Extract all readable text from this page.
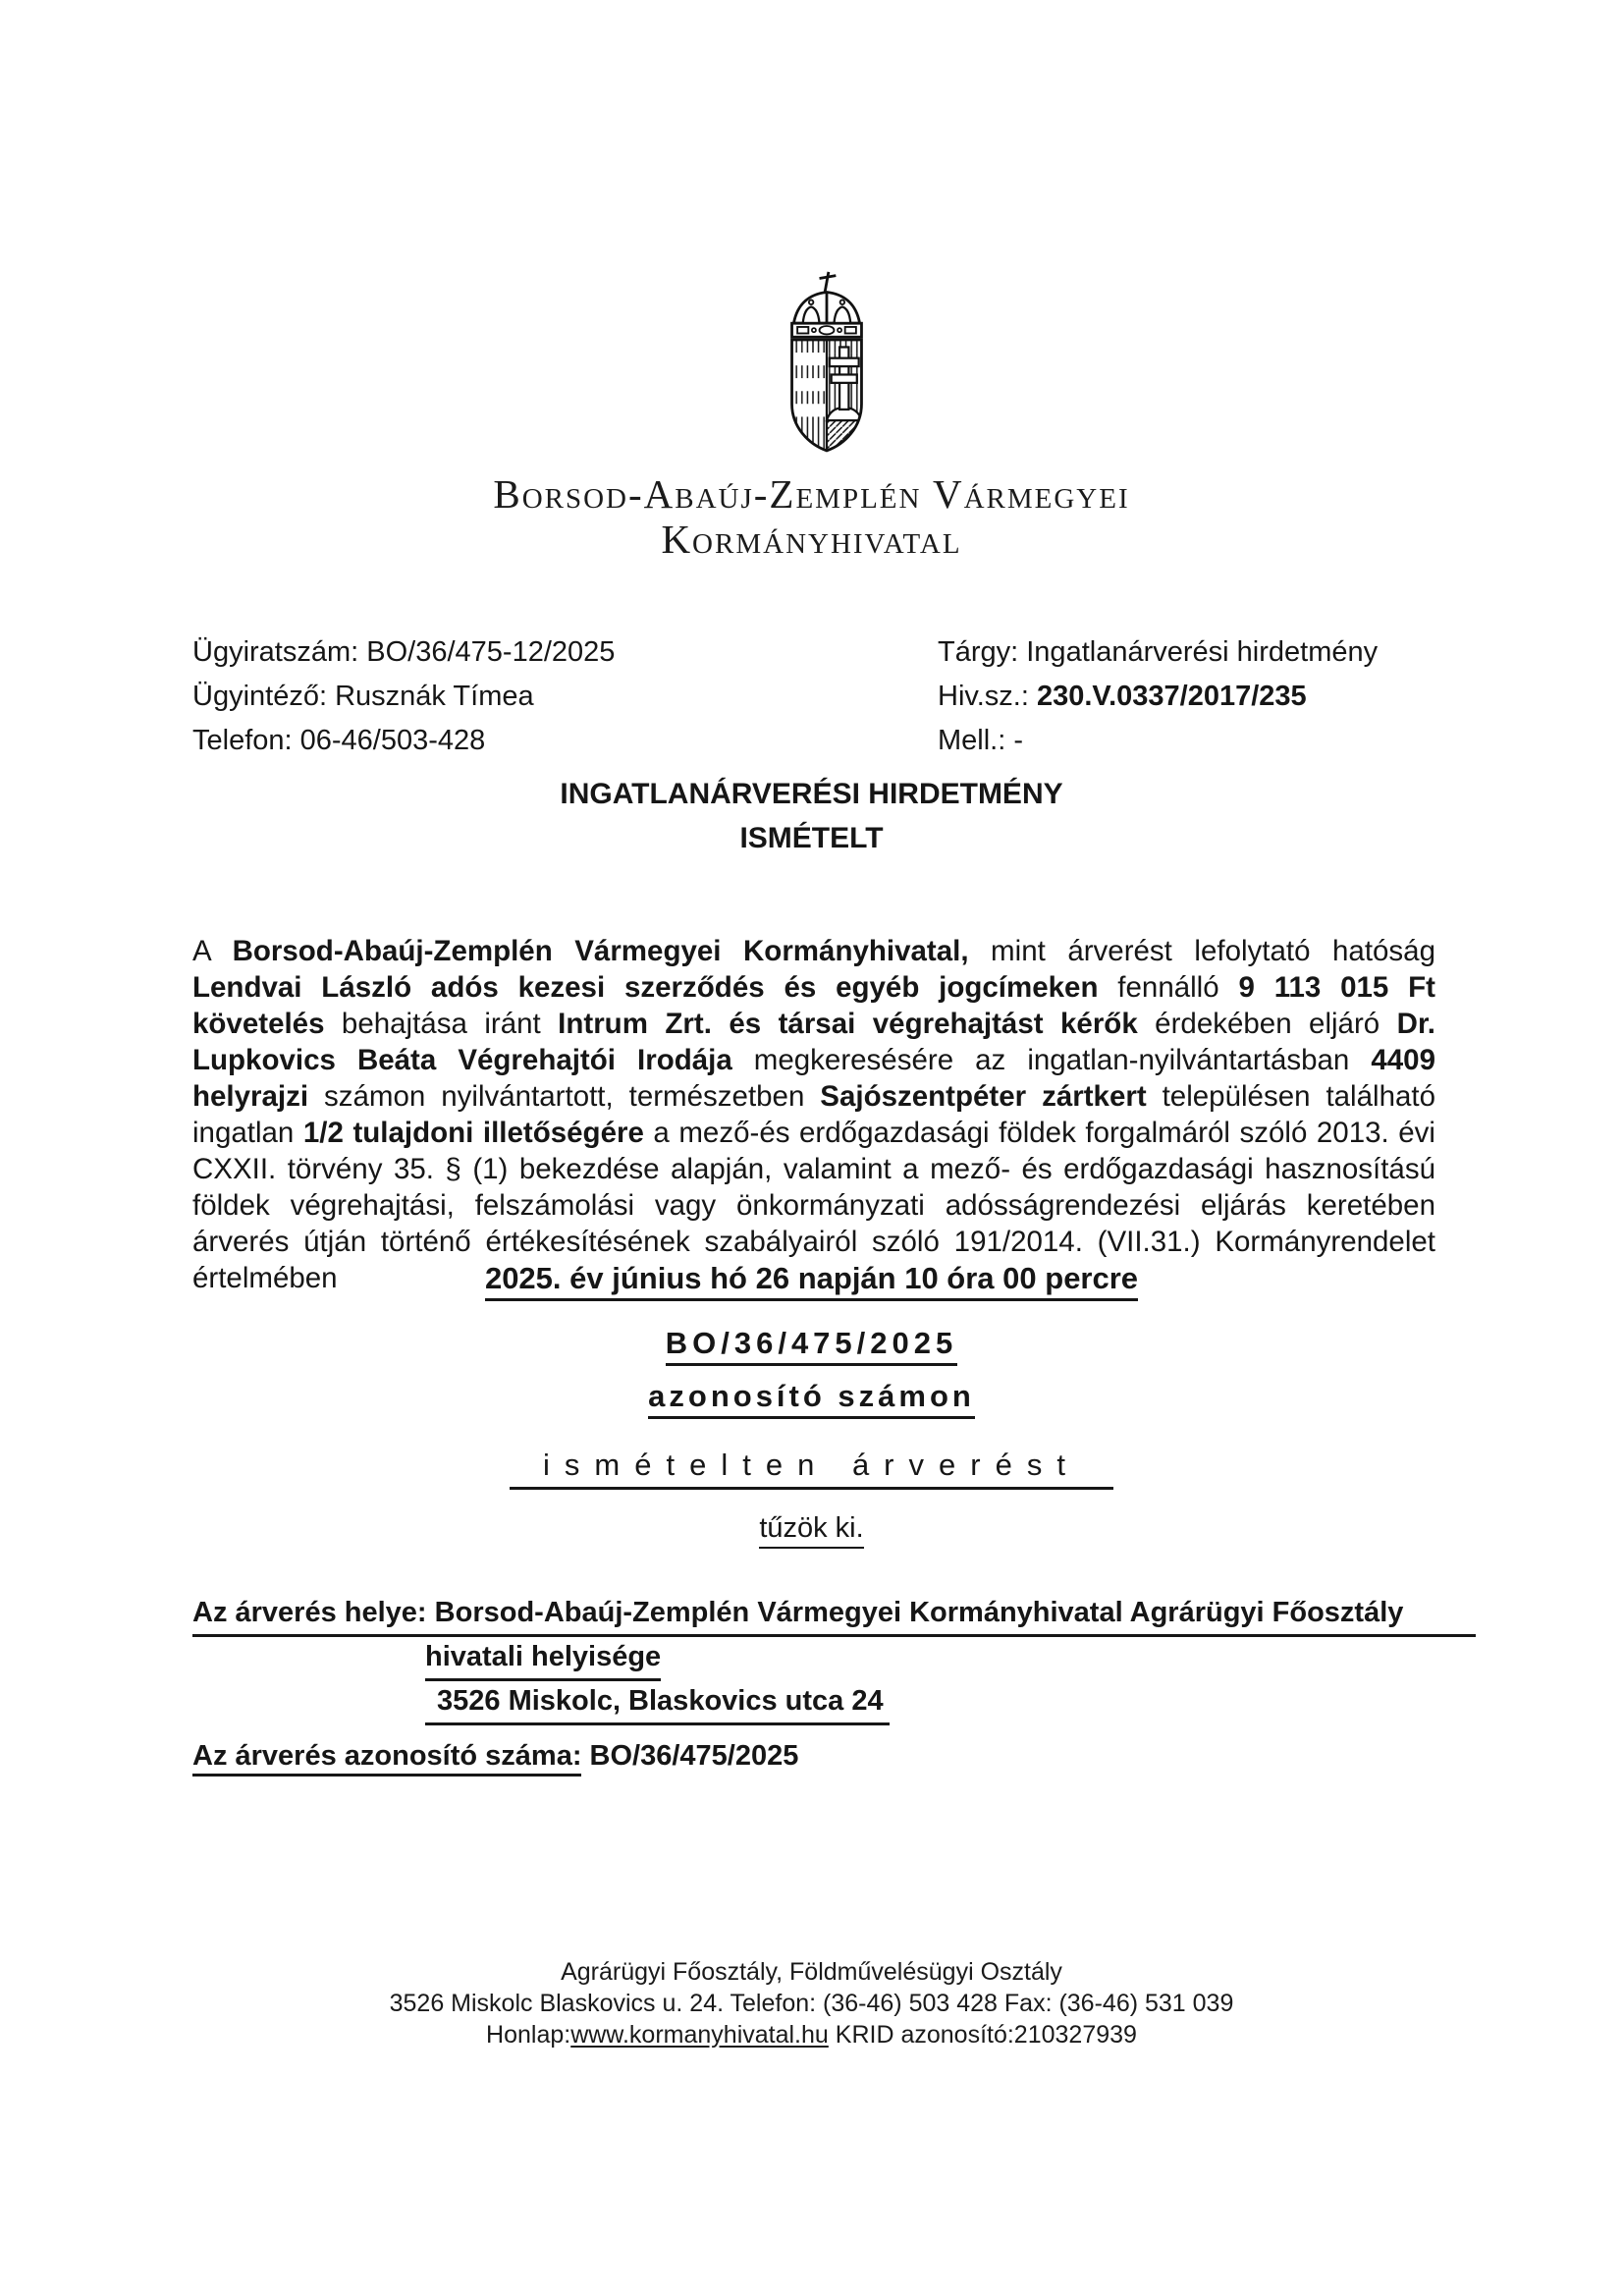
Borsod-Abaúj-Zemplén Vármegyei
Kormányhivatal
Ügyiratszám: BO/36/475-12/2025
Ügyintéző: Rusznák Tímea
Telefon: 06-46/503-428
Tárgy: Ingatlanárverési hirdetmény
Hiv.sz.: 230.V.0337/2017/235
Mell.: -
INGATLANÁRVERÉSI HIRDETMÉNY
ISMÉTELT

A Borsod-Abaúj-Zemplén Vármegyei Kormányhivatal, mint árverést lefolytató hatóság Lendvai László adós kezesi szerződés és egyéb jogcímeken fennálló 9 113 015 Ft követelés behajtása iránt Intrum Zrt. és társai végrehajtást kérők érdekében eljáró Dr. Lupkovics Beáta Végrehajtói Irodája megkeresésére az ingatlan-nyilvántartásban 4409 helyrajzi számon nyilvántartott, természetben Sajószentpéter zártkert településen található ingatlan 1/2 tulajdoni illetőségére a mező-és erdőgazdasági földek forgalmáról szóló 2013. évi CXXII. törvény 35. § (1) bekezdése alapján, valamint a mező- és erdőgazdasági hasznosítású földek végrehajtási, felszámolási vagy önkormányzati adósságrendezési eljárás keretében árverés útján történő értékesítésének szabályairól szóló 191/2014. (VII.31.) Kormányrendelet értelmében	2025. év június hó 26 napján 10 óra 00 percre
BO/36/475/2025
azonosító számon
ismételten árverést
tűzök ki.
Az árverés helye: Borsod-Abaúj-Zemplén Vármegyei Kormányhivatal Agrárügyi Főosztály
hivatali helyisége
3526 Miskolc, Blaskovics utca 24
Az árverés azonosító száma: BO/36/475/2025
Agrárügyi Főosztály, Földművelésügyi Osztály
3526 Miskolc Blaskovics u. 24. Telefon: (36-46) 503 428 Fax: (36-46) 531 039
Honlap:www.kormanyhivatal.hu KRID azonosító:210327939
